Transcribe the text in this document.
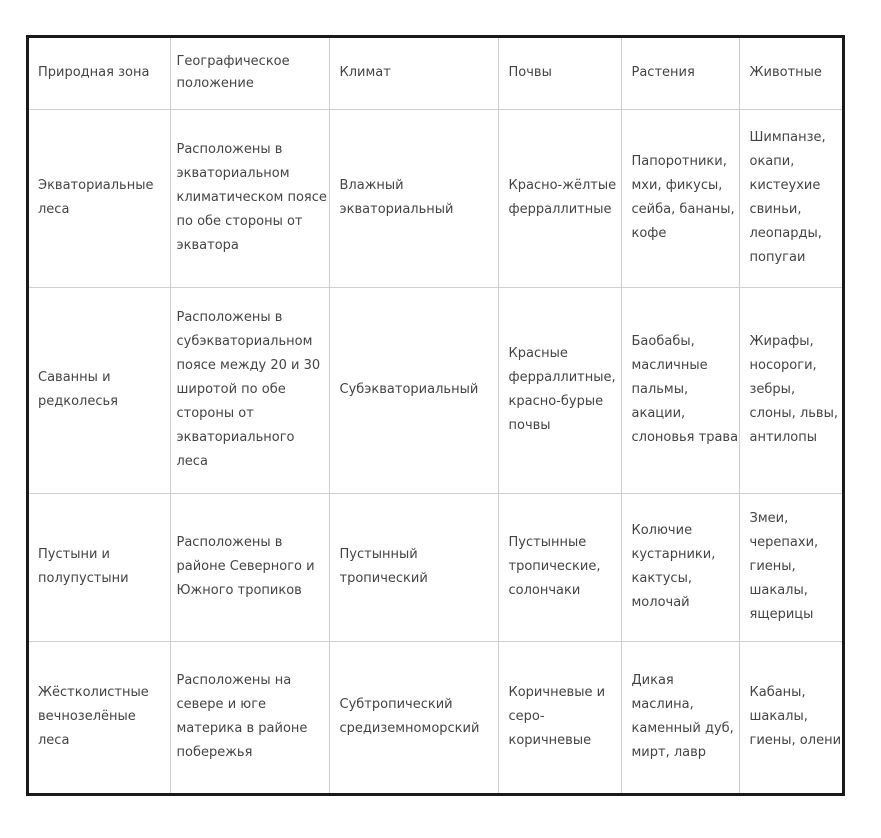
Природная зона	Географическое положение	Климат	Почвы	Растения	Животные
Экваториальные леса	Расположены в экваториальном климатическом поясе по обе стороны от экватора	Влажный экваториальный	Красно-жёлтые ферраллитные	Папоротники, мхи, фикусы, сейба, бананы, кофе	Шимпанзе, окапи, кистеухие свиньи, леопарды, попугаи
Саванны и редколесья	Расположены в субэкваториальном поясе между 20 и 30 широтой по обе стороны от экваториального леса	Субэкваториальный	Красные ферраллитные, красно-бурые почвы	Баобабы, масличные пальмы, акации, слоновья трава	Жирафы, носороги, зебры, слоны, львы, антилопы
Пустыни и полупустыни	Расположены в районе Северного и Южного тропиков	Пустынный тропический	Пустынные тропические, солончаки	Колючие кустарники, кактусы, молочай	Змеи, черепахи, гиены, шакалы, ящерицы
Жёстколистные вечнозелёные леса	Расположены на севере и юге материка в районе побережья	Субтропический средиземноморский	Коричневые и серо-коричневые	Дикая маслина, каменный дуб, мирт, лавр	Кабаны, шакалы, гиены, олени
